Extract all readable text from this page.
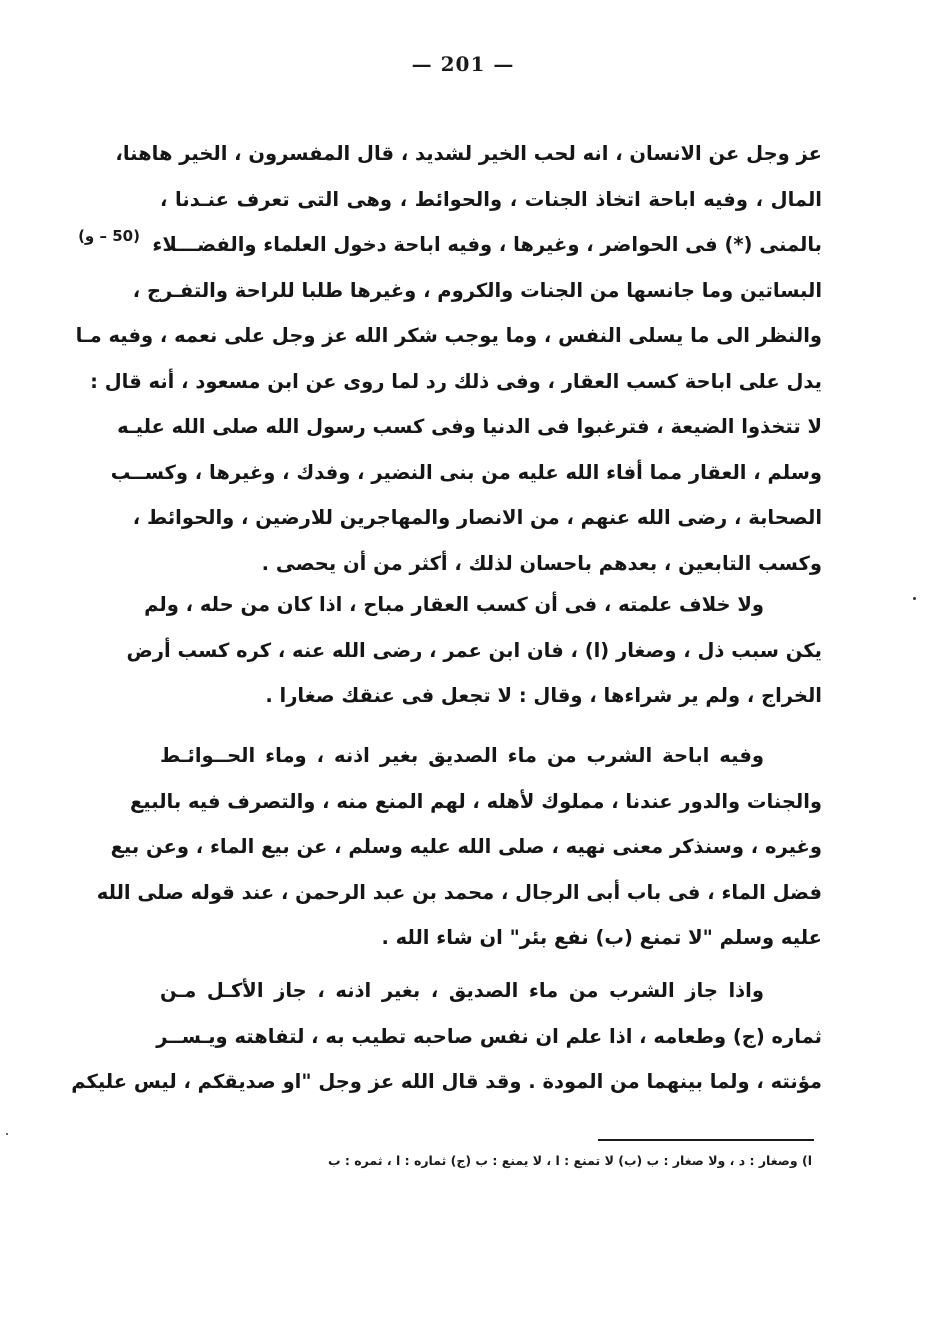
— 201 —
(50 – و)
عز وجل عن الانسان ، انه لحب الخير لشديد ، قال المفسرون ، الخير هاهنا،
المال ، وفيه اباحة اتخاذ الجنات ، والحوائط ، وهى التى تعرف عنـدنا ،
بالمنى (*) فى الحواضر ، وغيرها ، وفيه اباحة دخول العلماء والفضـــلاء
البساتين وما جانسها من الجنات والكروم ، وغيرها طلبا للراحة والتفـرج ،
والنظر الى ما يسلى النفس ، وما يوجب شكر الله عز وجل على نعمه ، وفيه مـا
يدل على اباحة كسب العقار ، وفى ذلك رد لما روى عن ابن مسعود ، أنه قال :
لا تتخذوا الضيعة ، فترغبوا فى الدنيا وفى كسب رسول الله صلى الله عليـه
وسلم ، العقار مما أفاء الله عليه من بنى النضير ، وفدك ، وغيرها ، وكســب
الصحابة ، رضى الله عنهم ، من الانصار والمهاجرين للارضين ، والحوائط ،
وكسب التابعين ، بعدهم باحسان لذلك ، أكثر من أن يحصى .
ولا خلاف علمته ، فى أن كسب العقار مباح ، اذا كان من حله ، ولم
يكن سبب ذل ، وصغار (ا) ، فان ابن عمر ، رضى الله عنه ، كره كسب أرض
الخراج ، ولم ير شراءها ، وقال : لا تجعل فى عنقك صغارا .
وفيه اباحة الشرب من ماء الصديق بغير اذنه ، وماء الحــوائـط
والجنات والدور عندنا ، مملوك لأهله ، لهم المنع منه ، والتصرف فيه بالبيع
وغيره ، وسنذكر معنى نهيه ، صلى الله عليه وسلم ، عن بيع الماء ، وعن بيع
فضل الماء ، فى باب أبى الرجال ، محمد بن عبد الرحمن ، عند قوله صلى الله
عليه وسلم "لا تمنع (ب) نفع بئر" ان شاء الله .
واذا جاز الشرب من ماء الصديق ، بغير اذنه ، جاز الأكـل مـن
ثماره (ج) وطعامه ، اذا علم ان نفس صاحبه تطيب به ، لتفاهته ويـســر
مؤنته ، ولما بينهما من المودة . وقد قال الله عز وجل "او صديقكم ، ليس عليكم
ا) وصغار : د ، ولا صغار : ب (ب) لا تمنع : ا ، لا يمنع : ب (ج) ثماره : ا ، ثمره : ب
